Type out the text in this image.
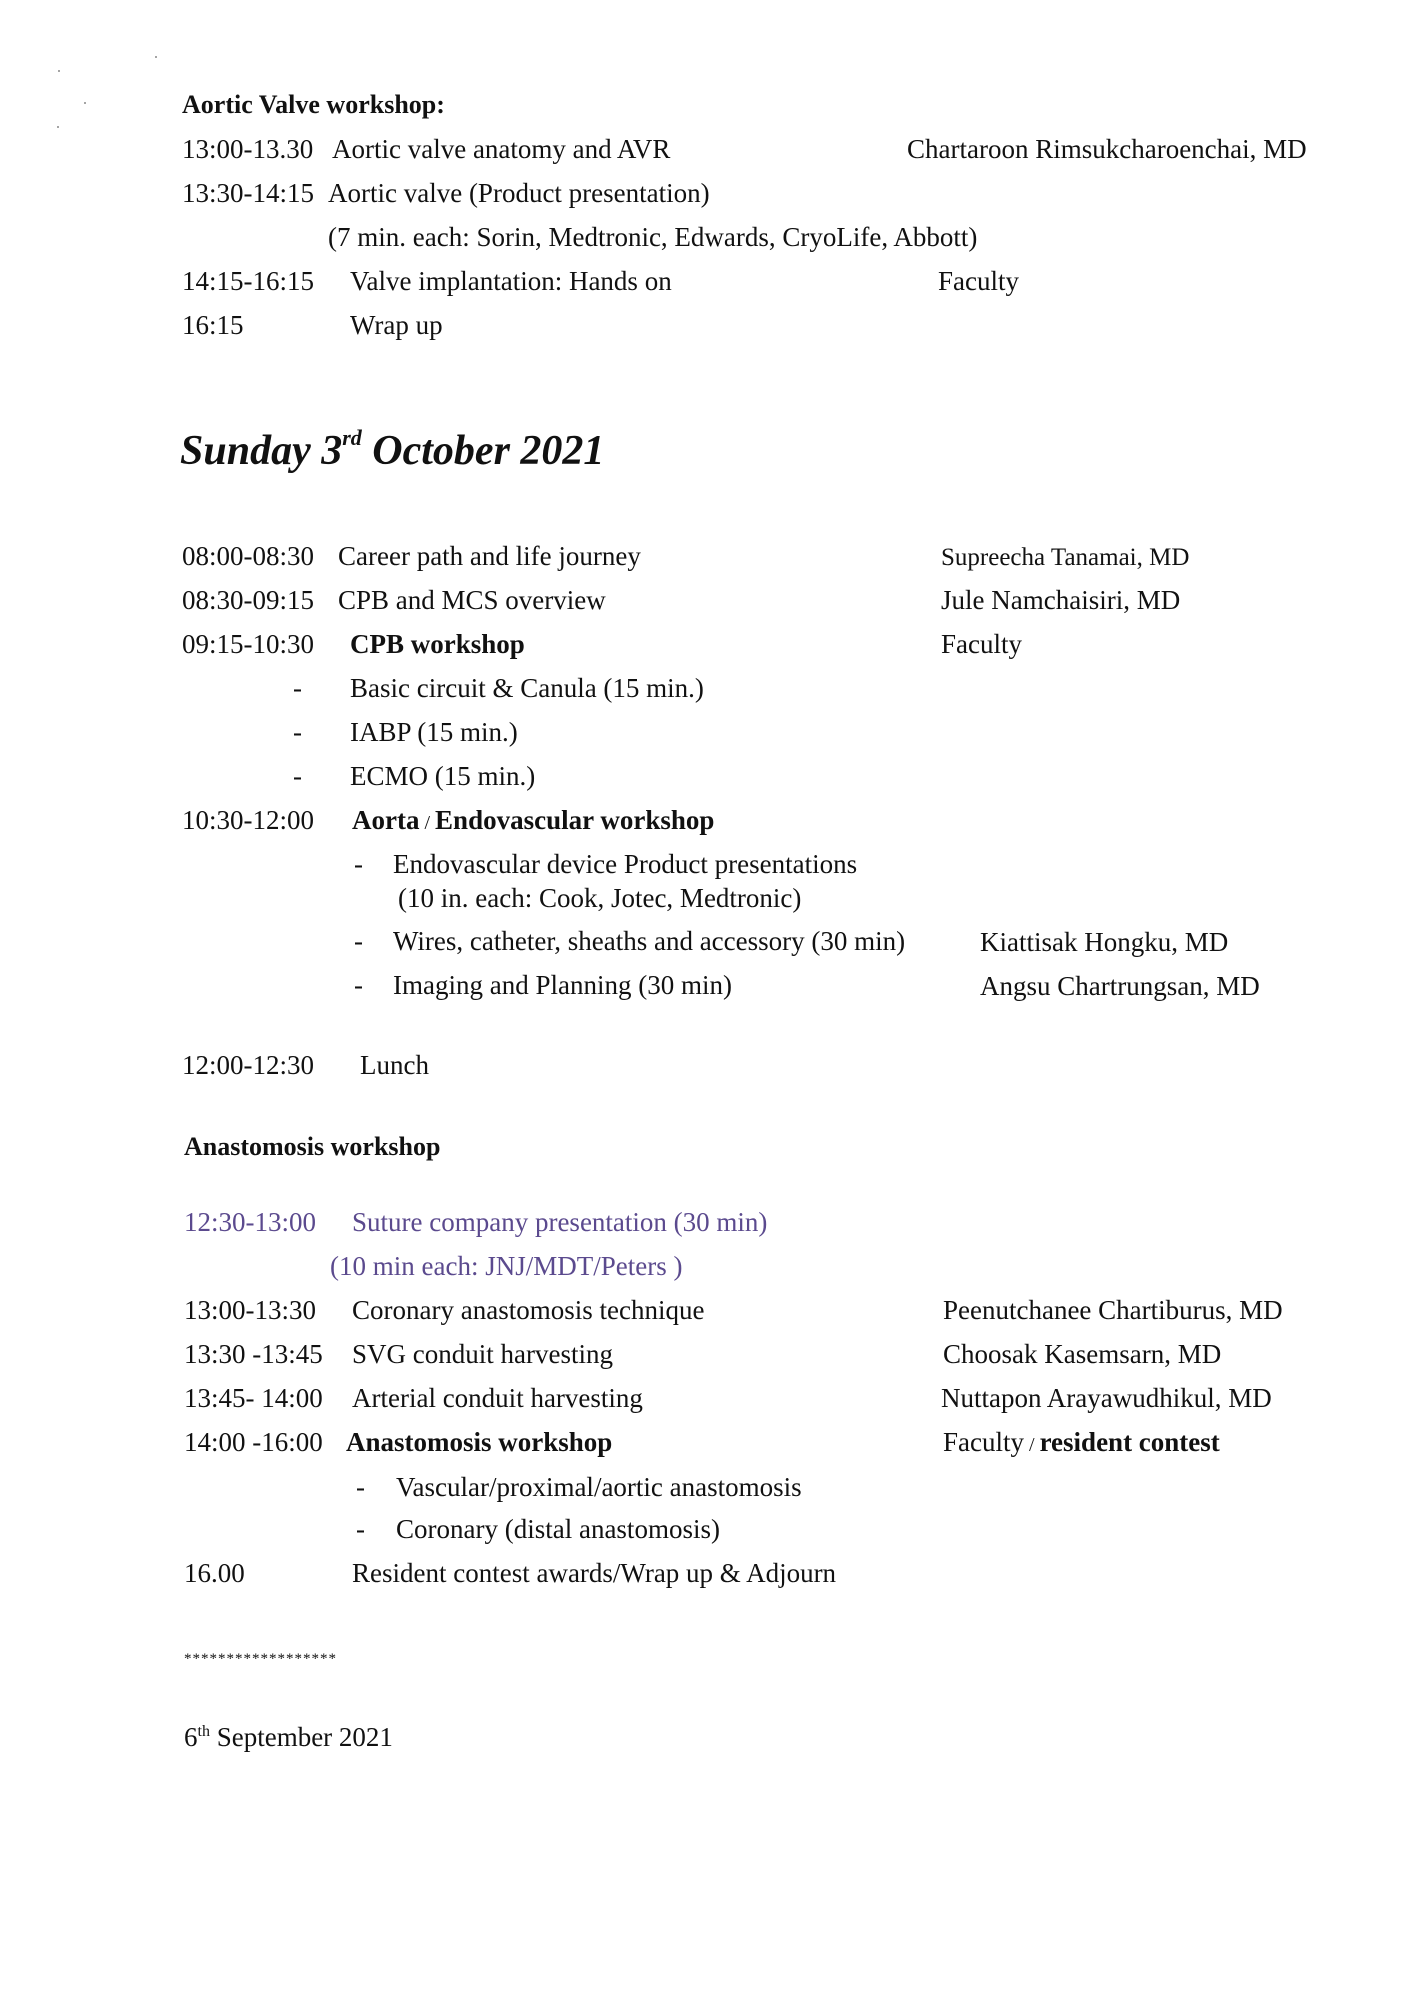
Aortic Valve workshop:
13:00-13.30 Aortic valve anatomy and AVR	Chartaroon Rimsukcharoenchai, MD
13:30-14:15 Aortic valve (Product presentation)
(7 min. each: Sorin, Medtronic, Edwards, CryoLife, Abbott)
14:15-16:15 Valve implantation: Hands on	Faculty
16:15	Wrap up
Sunday 3rd October 2021
08:00-08:30 Career path and life journey	Supreecha Tanamai, MD
08:30-09:15 CPB and MCS overview	Jule Namchaisiri, MD
09:15-10:30 CPB workshop	Faculty
- Basic circuit & Canula (15 min.)
- IABP (15 min.)
- ECMO (15 min.)
10:30-12:00 Aorta / Endovascular workshop
- Endovascular device Product presentations
(10 in. each: Cook, Jotec, Medtronic)
- Wires, catheter, sheaths and accessory (30 min)	Kiattisak Hongku, MD
- Imaging and Planning (30 min)	Angsu Chartrungsan, MD
12:00-12:30 Lunch
Anastomosis workshop
12:30-13:00 Suture company presentation (30 min)
(10 min each: JNJ/MDT/Peters )
13:00-13:30 Coronary anastomosis technique	Peenutchanee Chartiburus, MD
13:30 -13:45 SVG conduit harvesting	Choosak Kasemsarn, MD
13:45- 14:00 Arterial conduit harvesting	Nuttapon Arayawudhikul, MD
14:00 -16:00 Anastomosis workshop	Faculty / resident contest
- Vascular/proximal/aortic anastomosis
- Coronary (distal anastomosis)
16.00	Resident contest awards/Wrap up & Adjourn
******************
6th September 2021
